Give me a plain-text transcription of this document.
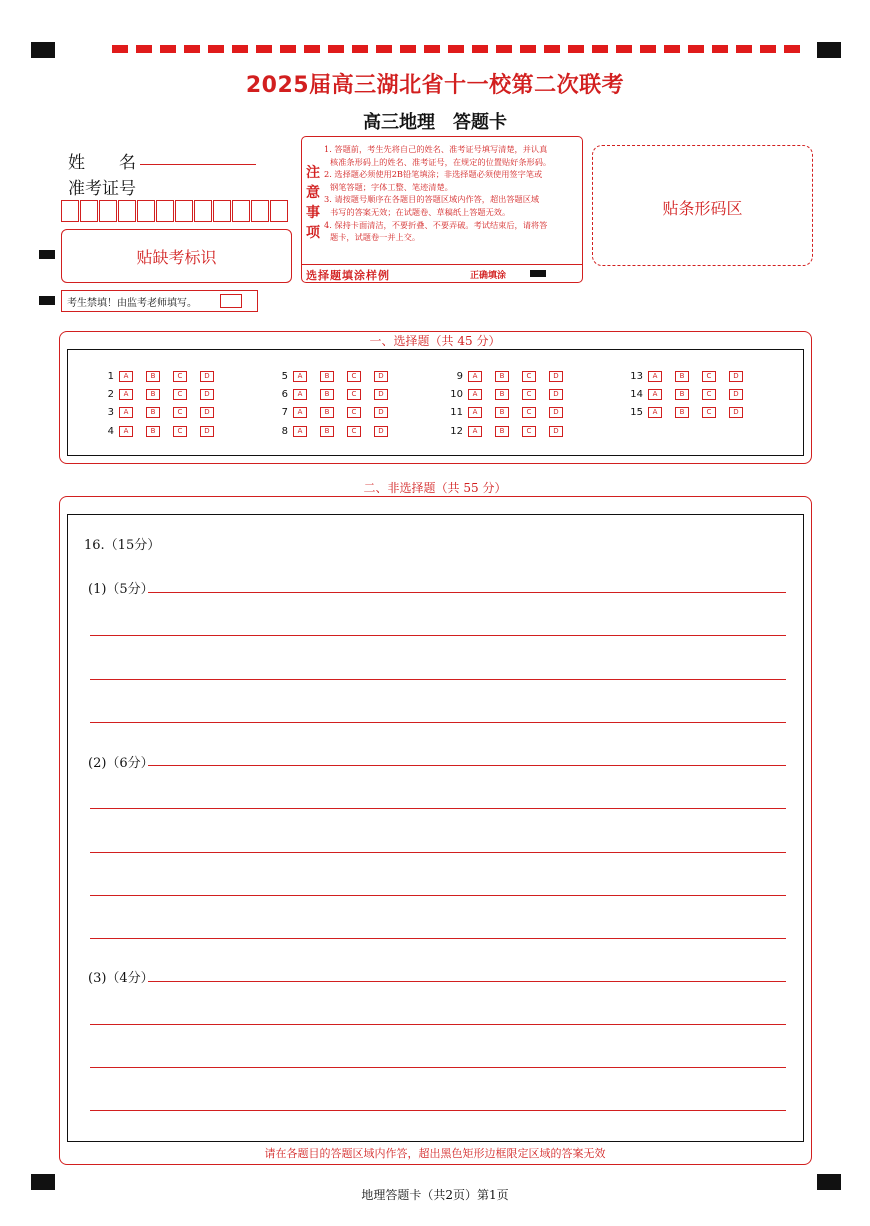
2025届高三湖北省十一校第二次联考
高三地理　答题卡
姓　　名
准考证号
贴缺考标识
注意事项
1. 答题前，考生先将自己的姓名、准考证号填写清楚，并认真
核准条形码上的姓名、准考证号，在规定的位置贴好条形码。
2. 选择题必须使用2B铅笔填涂；非选择题必须使用签字笔或
钢笔答题；字体工整、笔迹清楚。
3. 请按题号顺序在各题目的答题区域内作答，超出答题区域
书写的答案无效；在试题卷、草稿纸上答题无效。
4. 保持卡面清洁，不要折叠、不要弄破。考试结束后，请将答
题卡，试题卷一并上交。
选择题填涂样例	正确填涂
贴条形码区
考生禁填！由监考老师填写。
一、选择题（共 45 分）
1	A	B	C	D
2	A	B	C	D
3	A	B	C	D
4	A	B	C	D
5	A	B	C	D
6	A	B	C	D
7	A	B	C	D
8	A	B	C	D
9	A	B	C	D
10	A	B	C	D
11	A	B	C	D
12	A	B	C	D
13	A	B	C	D
14	A	B	C	D
15	A	B	C	D
二、非选择题（共 55 分）
16.（15分）
(1)（5分）
(2)（6分）
(3)（4分）
请在各题目的答题区域内作答，超出黑色矩形边框限定区域的答案无效
地理答题卡（共2页）第1页
